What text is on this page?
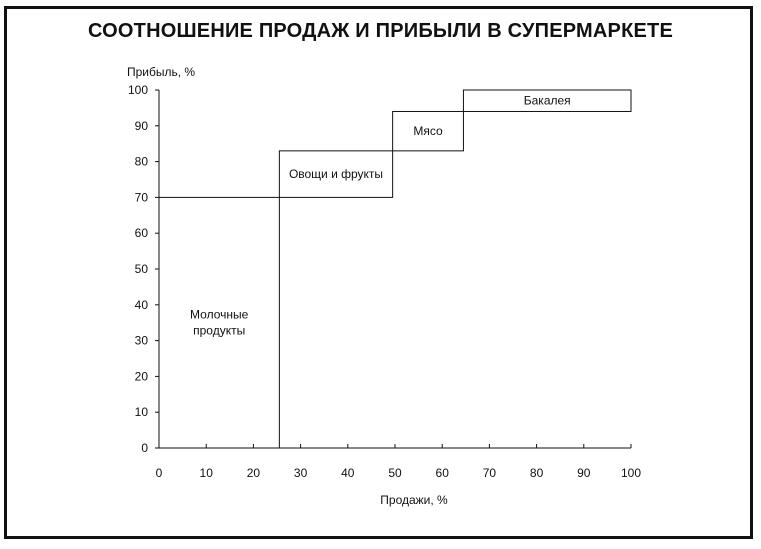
СООТНОШЕНИЕ ПРОДАЖ И ПРИБЫЛИ В СУПЕРМАРКЕТЕ
0
10
20
30
40
50
60
70
80
90
100
0	10	20	30	40	50	60	70	80	90	100
Молочные
продукты
Овощи и фрукты
Мясо
Бакалея
Прибыль, %
Продажи, %
